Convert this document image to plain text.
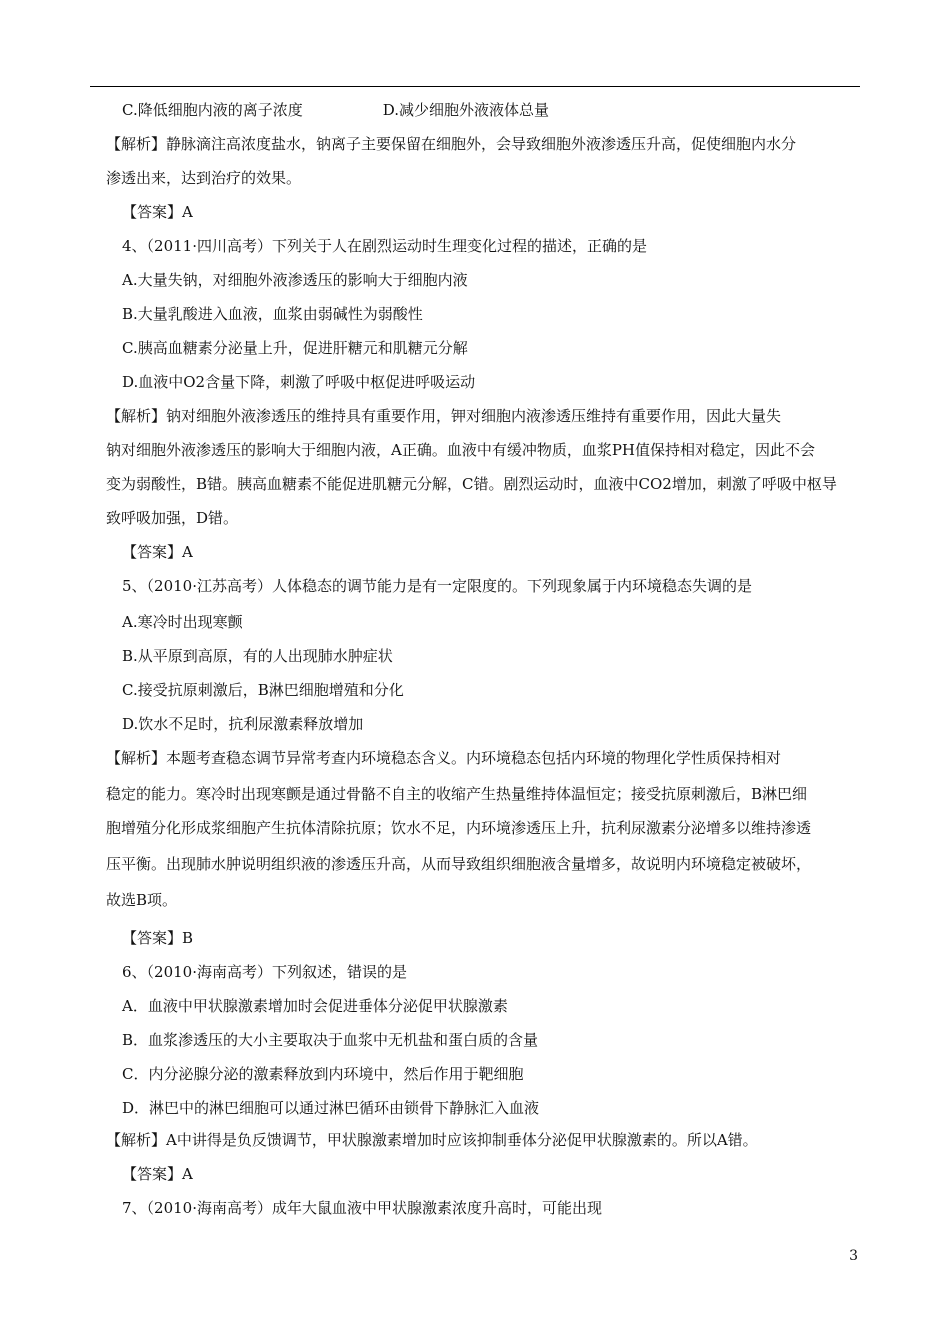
C.降低细胞内液的离子浓度	D.减少细胞外液液体总量
【解析】静脉滴注高浓度盐水，钠离子主要保留在细胞外，会导致细胞外液渗透压升高，促使细胞内水分
渗透出来，达到治疗的效果。
【答案】A
4、（2011·四川高考）下列关于人在剧烈运动时生理变化过程的描述，正确的是
A.大量失钠，对细胞外液渗透压的影响大于细胞内液
B.大量乳酸进入血液，血浆由弱碱性为弱酸性
C.胰高血糖素分泌量上升，促进肝糖元和肌糖元分解
D.血液中O2含量下降，刺激了呼吸中枢促进呼吸运动
【解析】钠对细胞外液渗透压的维持具有重要作用，钾对细胞内液渗透压维持有重要作用，因此大量失
钠对细胞外液渗透压的影响大于细胞内液，A正确。血液中有缓冲物质，血浆PH值保持相对稳定，因此不会
变为弱酸性，B错。胰高血糖素不能促进肌糖元分解，C错。剧烈运动时，血液中CO2增加，刺激了呼吸中枢导
致呼吸加强，D错。
【答案】A
5、（2010·江苏高考）人体稳态的调节能力是有一定限度的。下列现象属于内环境稳态失调的是
A.寒冷时出现寒颤
B.从平原到高原，有的人出现肺水肿症状
C.接受抗原刺激后，B淋巴细胞增殖和分化
D.饮水不足时，抗利尿激素释放增加
【解析】本题考查稳态调节异常考查内环境稳态含义。内环境稳态包括内环境的物理化学性质保持相对
稳定的能力。寒冷时出现寒颤是通过骨骼不自主的收缩产生热量维持体温恒定；接受抗原刺激后，B淋巴细
胞增殖分化形成浆细胞产生抗体清除抗原；饮水不足，内环境渗透压上升，抗利尿激素分泌增多以维持渗透
压平衡。出现肺水肿说明组织液的渗透压升高，从而导致组织细胞液含量增多，故说明内环境稳定被破坏，
故选B项。
【答案】B
6、（2010·海南高考）下列叙述，错误的是
A．血液中甲状腺激素增加时会促进垂体分泌促甲状腺激素
B．血浆渗透压的大小主要取决于血浆中无机盐和蛋白质的含量
C．内分泌腺分泌的激素释放到内环境中，然后作用于靶细胞
D．淋巴中的淋巴细胞可以通过淋巴循环由锁骨下静脉汇入血液
【解析】A中讲得是负反馈调节，甲状腺激素增加时应该抑制垂体分泌促甲状腺激素的。所以A错。
【答案】A
7、（2010·海南高考）成年大鼠血液中甲状腺激素浓度升高时，可能出现
3
